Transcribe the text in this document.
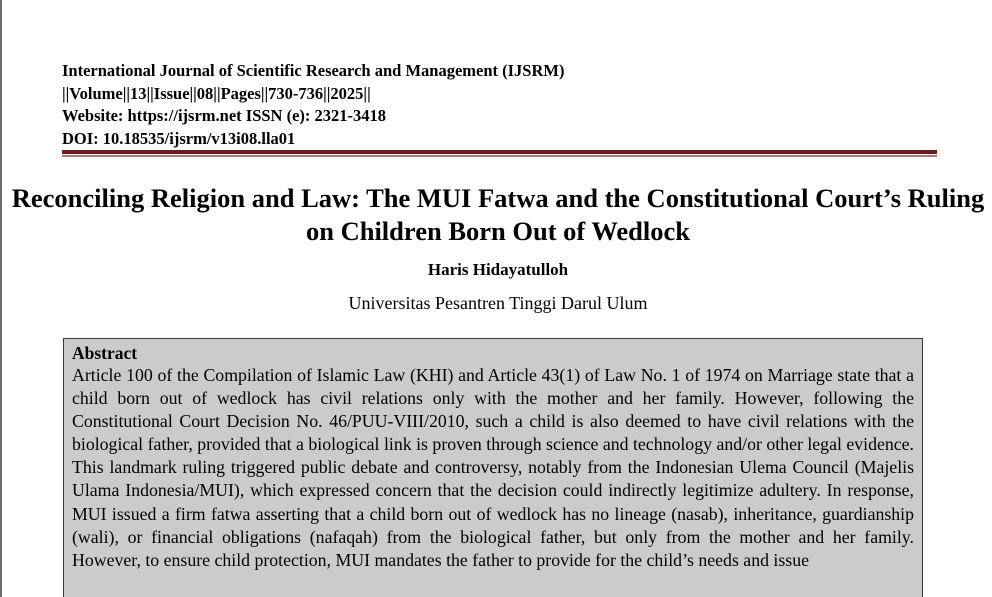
International Journal of Scientific Research and Management (IJSRM)
||Volume||13||Issue||08||Pages||730-736||2025||
Website: https://ijsrm.net ISSN (e): 2321-3418
DOI: 10.18535/ijsrm/v13i08.lla01
Reconciling Religion and Law: The MUI Fatwa and the Constitutional Court’s Ruling on Children Born Out of Wedlock
Haris Hidayatulloh
Universitas Pesantren Tinggi Darul Ulum

Abstract

Article 100 of the Compilation of Islamic Law (KHI) and Article 43(1) of Law No. 1 of 1974 on Marriage state that a child born out of wedlock has civil relations only with the mother and her family. However, following the Constitutional Court Decision No. 46/PUU-VIII/2010, such a child is also deemed to have civil relations with the biological father, provided that a biological link is proven through science and technology and/or other legal evidence. This landmark ruling triggered public debate and controversy, notably from the Indonesian Ulema Council (Majelis Ulama Indonesia/MUI), which expressed concern that the decision could indirectly legitimize adultery. In response, MUI issued a firm fatwa asserting that a child born out of wedlock has no lineage (nasab), inheritance, guardianship (wali), or financial obligations (nafaqah) from the biological father, but only from the mother and her family. However, to ensure child protection, MUI mandates the father to provide for the child’s needs and issue
